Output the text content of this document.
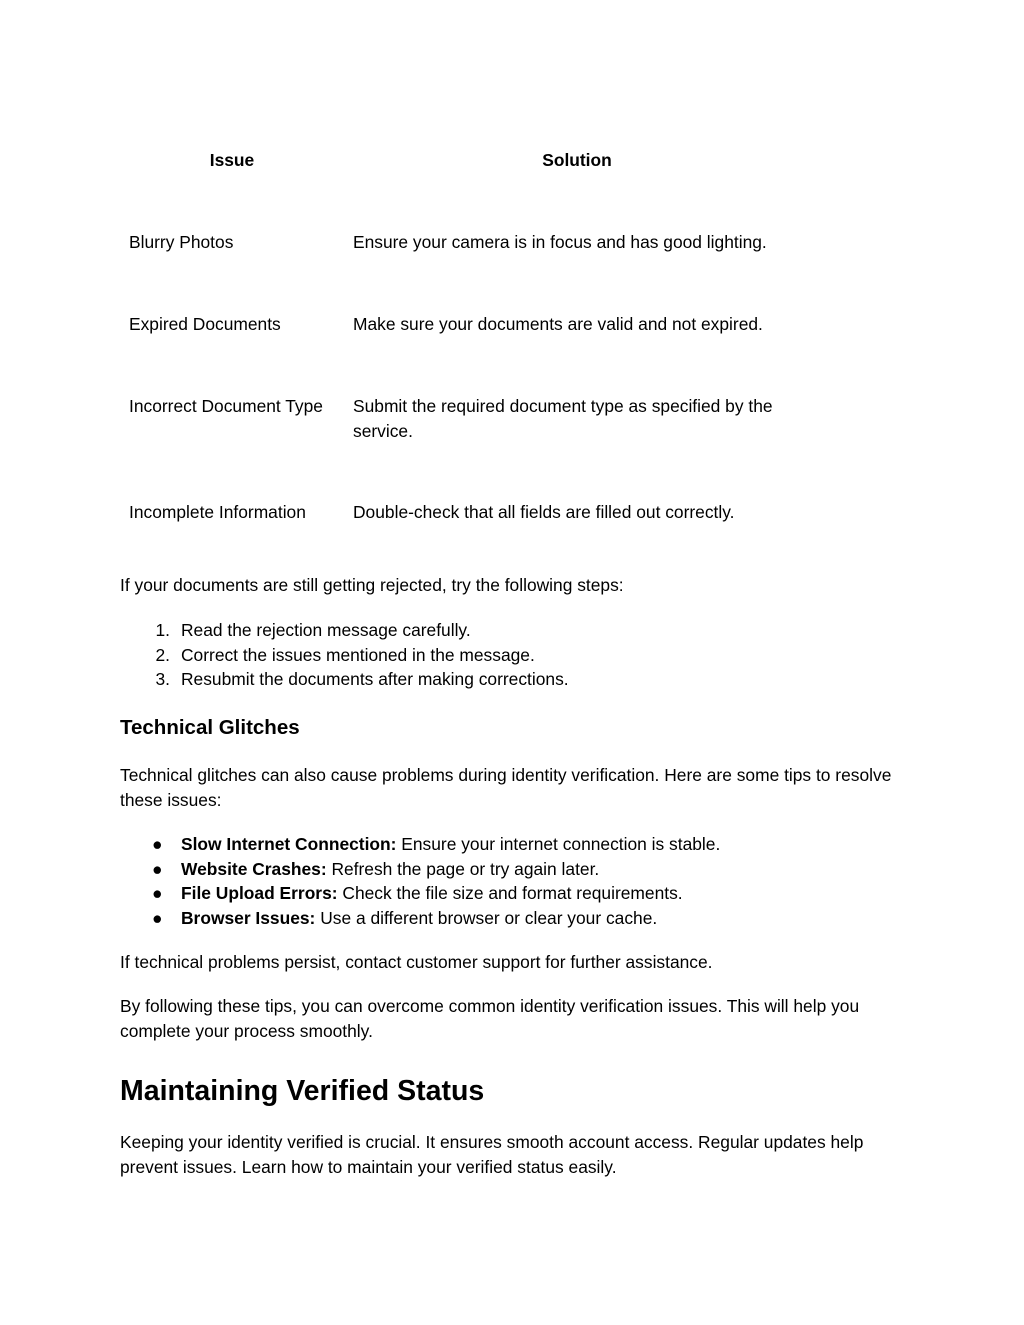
Issue	Solution
Blurry Photos	Ensure your camera is in focus and has good lighting.
Expired Documents	Make sure your documents are valid and not expired.
Incorrect Document Type	Submit the required document type as specified by the service.
Incomplete Information	Double-check that all fields are filled out correctly.

If your documents are still getting rejected, try the following steps:

1. Read the rejection message carefully.
2. Correct the issues mentioned in the message.
3. Resubmit the documents after making corrections.
Technical Glitches

Technical glitches can also cause problems during identity verification. Here are some tips to resolve these issues:

● Slow Internet Connection: Ensure your internet connection is stable.
● Website Crashes: Refresh the page or try again later.
● File Upload Errors: Check the file size and format requirements.
● Browser Issues: Use a different browser or clear your cache.

If technical problems persist, contact customer support for further assistance.

By following these tips, you can overcome common identity verification issues. This will help you complete your process smoothly.

Maintaining Verified Status

Keeping your identity verified is crucial. It ensures smooth account access. Regular updates help prevent issues. Learn how to maintain your verified status easily.
